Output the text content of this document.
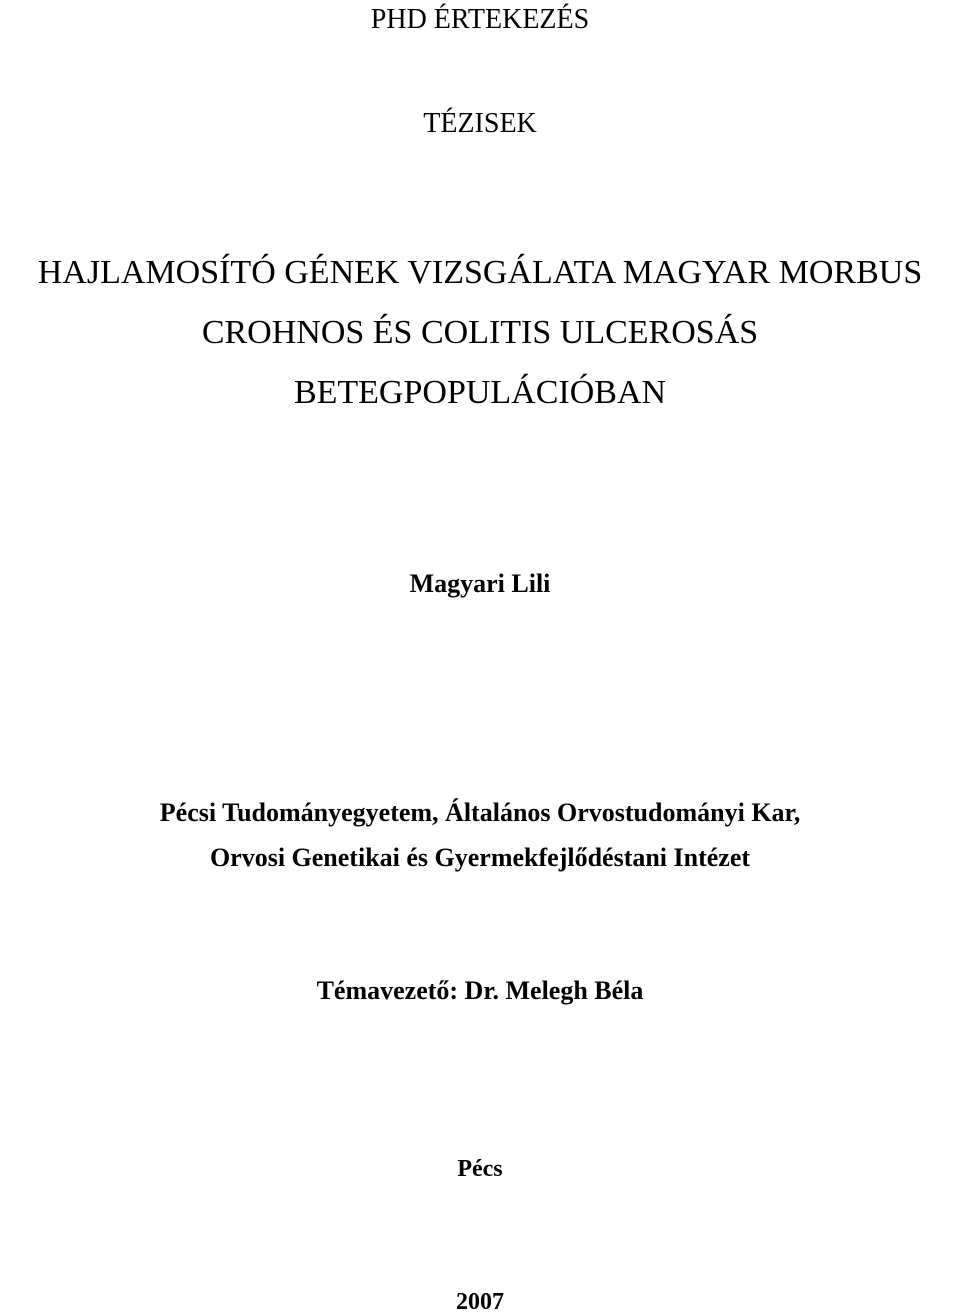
PHD ÉRTEKEZÉS
TÉZISEK
HAJLAMOSÍTÓ GÉNEK VIZSGÁLATA MAGYAR MORBUS
CROHNOS ÉS COLITIS ULCEROSÁS
BETEGPOPULÁCIÓBAN
Magyari Lili
Pécsi Tudományegyetem, Általános Orvostudományi Kar,
Orvosi Genetikai és Gyermekfejlődéstani Intézet
Témavezető: Dr. Melegh Béla
Pécs
2007
